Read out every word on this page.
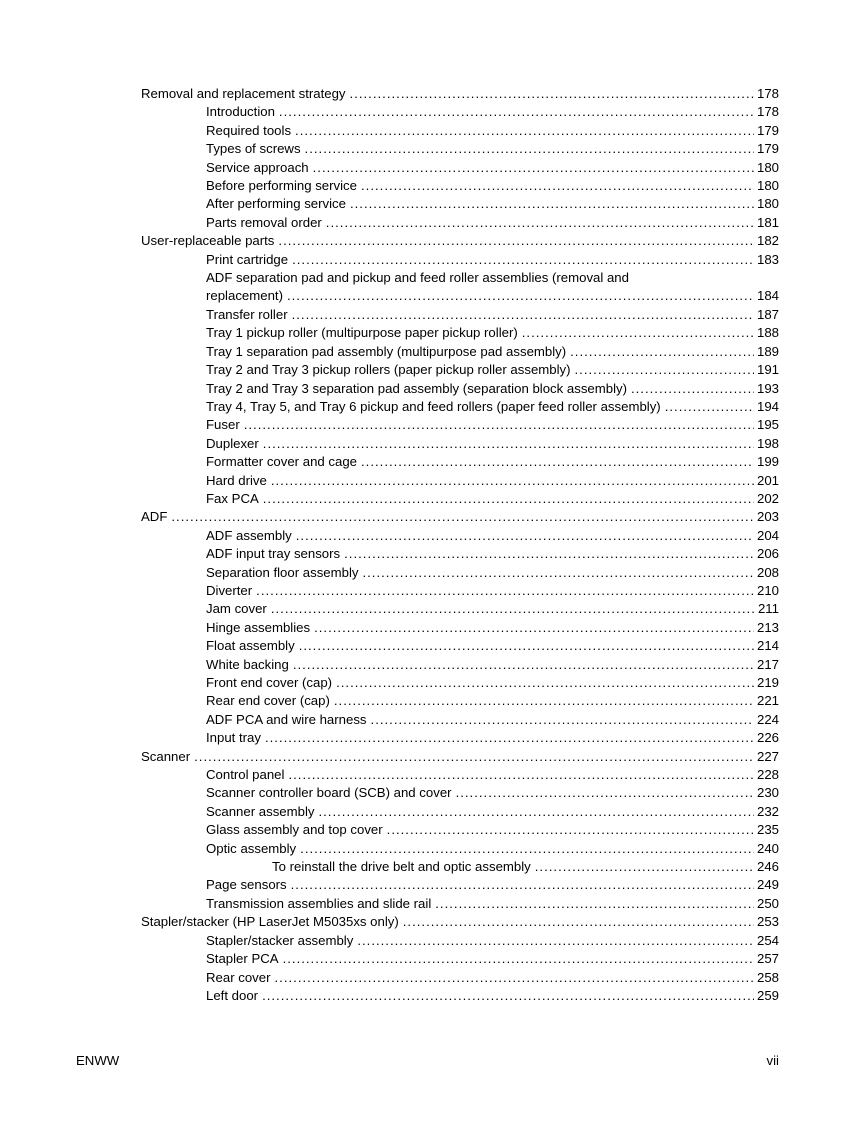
Removal and replacement strategy .....	178
Introduction .....	178
Required tools .....	179
Types of screws .....	179
Service approach .....	180
Before performing service .....	180
After performing service .....	180
Parts removal order .....	181
User-replaceable parts .....	182
Print cartridge .....	183
ADF separation pad and pickup and feed roller assemblies (removal and
replacement) .....	184
Transfer roller .....	187
Tray 1 pickup roller (multipurpose paper pickup roller) .....	188
Tray 1 separation pad assembly (multipurpose pad assembly) .....	189
Tray 2 and Tray 3 pickup rollers (paper pickup roller assembly) .....	191
Tray 2 and Tray 3 separation pad assembly (separation block assembly) .....	193
Tray 4, Tray 5, and Tray 6 pickup and feed rollers (paper feed roller assembly) .....	194
Fuser .....	195
Duplexer .....	198
Formatter cover and cage .....	199
Hard drive .....	201
Fax PCA .....	202
ADF .....	203
ADF assembly .....	204
ADF input tray sensors .....	206
Separation floor assembly .....	208
Diverter .....	210
Jam cover .....	211
Hinge assemblies .....	213
Float assembly .....	214
White backing .....	217
Front end cover (cap) .....	219
Rear end cover (cap) .....	221
ADF PCA and wire harness .....	224
Input tray .....	226
Scanner .....	227
Control panel .....	228
Scanner controller board (SCB) and cover .....	230
Scanner assembly .....	232
Glass assembly and top cover .....	235
Optic assembly .....	240
To reinstall the drive belt and optic assembly .....	246
Page sensors .....	249
Transmission assemblies and slide rail .....	250
Stapler/stacker (HP LaserJet M5035xs only) .....	253
Stapler/stacker assembly .....	254
Stapler PCA .....	257
Rear cover .....	258
Left door .....	259
ENWW	vii
